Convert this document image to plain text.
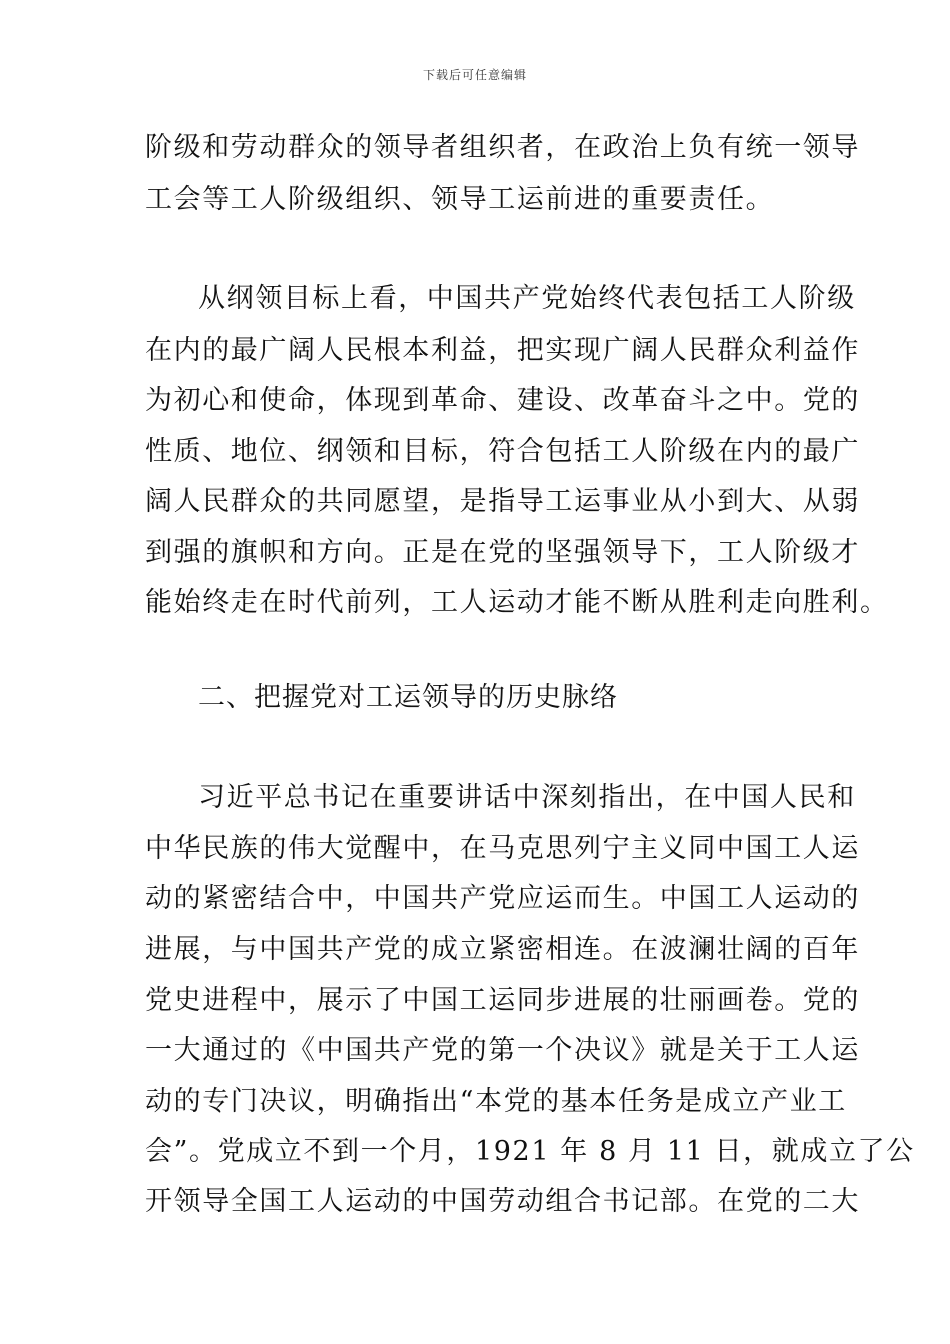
下载后可任意编辑
阶级和劳动群众的领导者组织者，在政治上负有统一领导
工会等工人阶级组织、领导工运前进的重要责任。
从纲领目标上看，中国共产党始终代表包括工人阶级
在内的最广阔人民根本利益，把实现广阔人民群众利益作
为初心和使命，体现到革命、建设、改革奋斗之中。党的
性质、地位、纲领和目标，符合包括工人阶级在内的最广
阔人民群众的共同愿望，是指导工运事业从小到大、从弱
到强的旗帜和方向。正是在党的坚强领导下，工人阶级才
能始终走在时代前列，工人运动才能不断从胜利走向胜利。
二、把握党对工运领导的历史脉络
习近平总书记在重要讲话中深刻指出，在中国人民和
中华民族的伟大觉醒中，在马克思列宁主义同中国工人运
动的紧密结合中，中国共产党应运而生。中国工人运动的
进展，与中国共产党的成立紧密相连。在波澜壮阔的百年
党史进程中，展示了中国工运同步进展的壮丽画卷。党的
一大通过的《中国共产党的第一个决议》就是关于工人运
动的专门决议，明确指出“本党的基本任务是成立产业工
会”。党成立不到一个月，1921 年 8 月 11 日，就成立了公
开领导全国工人运动的中国劳动组合书记部。在党的二大
